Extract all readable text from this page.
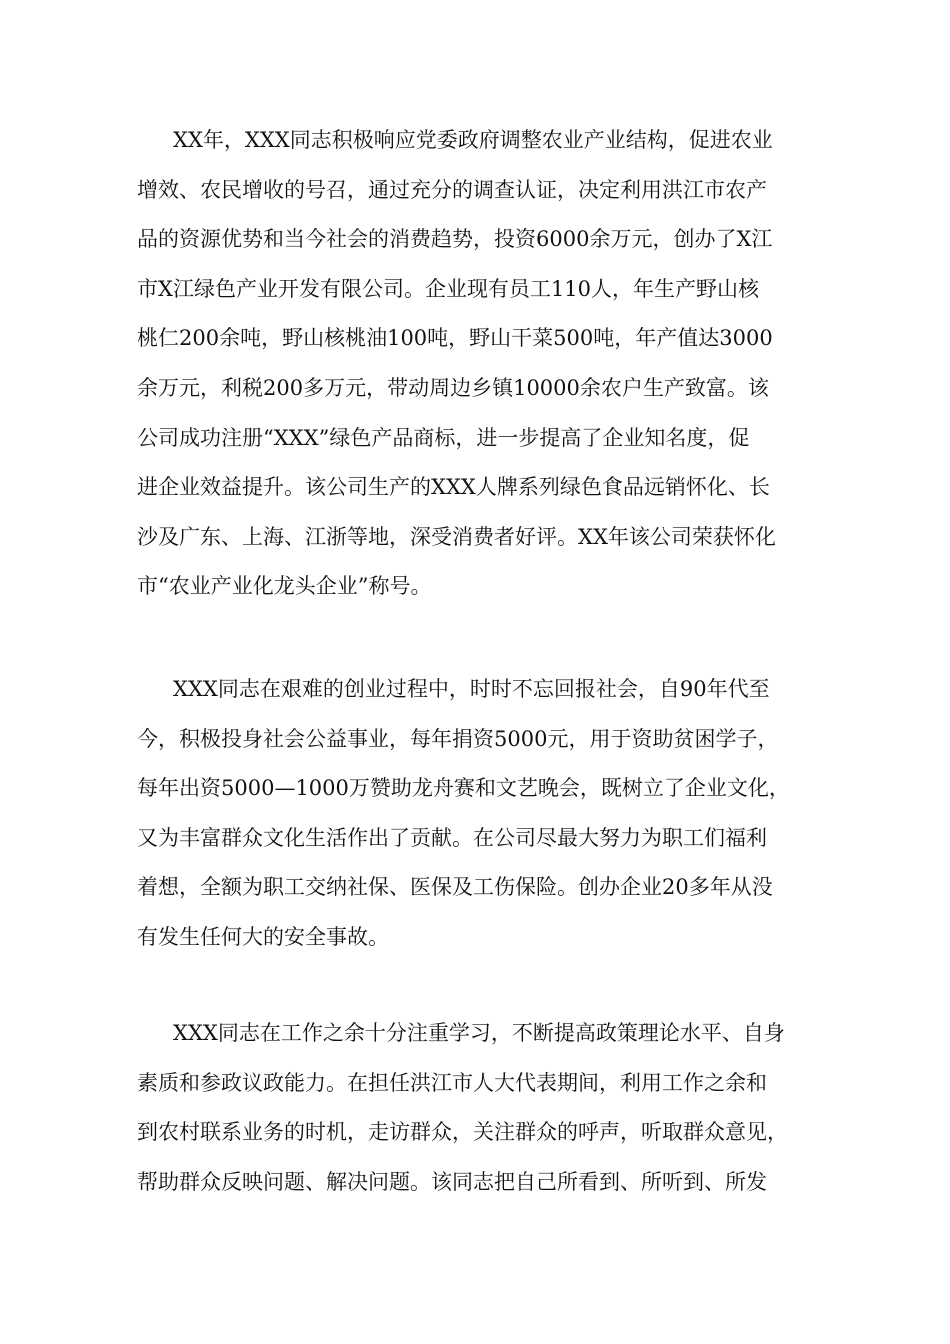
XX年，XXX同志积极响应党委政府调整农业产业结构，促进农业
增效、农民增收的号召，通过充分的调查认证，决定利用洪江市农产
品的资源优势和当今社会的消费趋势，投资6000余万元，创办了X江
市X江绿色产业开发有限公司。企业现有员工110人，年生产野山核
桃仁200余吨，野山核桃油100吨，野山干菜500吨，年产值达3000
余万元，利税200多万元，带动周边乡镇10000余农户生产致富。该
公司成功注册“XXX”绿色产品商标，进一步提高了企业知名度，促
进企业效益提升。该公司生产的XXX人牌系列绿色食品远销怀化、长
沙及广东、上海、江浙等地，深受消费者好评。XX年该公司荣获怀化
市“农业产业化龙头企业”称号。
XXX同志在艰难的创业过程中，时时不忘回报社会，自90年代至
今，积极投身社会公益事业，每年捐资5000元，用于资助贫困学子，
每年出资5000—1000万赞助龙舟赛和文艺晚会，既树立了企业文化，
又为丰富群众文化生活作出了贡献。在公司尽最大努力为职工们福利
着想，全额为职工交纳社保、医保及工伤保险。创办企业20多年从没
有发生任何大的安全事故。
XXX同志在工作之余十分注重学习，不断提高政策理论水平、自身
素质和参政议政能力。在担任洪江市人大代表期间，利用工作之余和
到农村联系业务的时机，走访群众，关注群众的呼声，听取群众意见，
帮助群众反映问题、解决问题。该同志把自己所看到、所听到、所发
